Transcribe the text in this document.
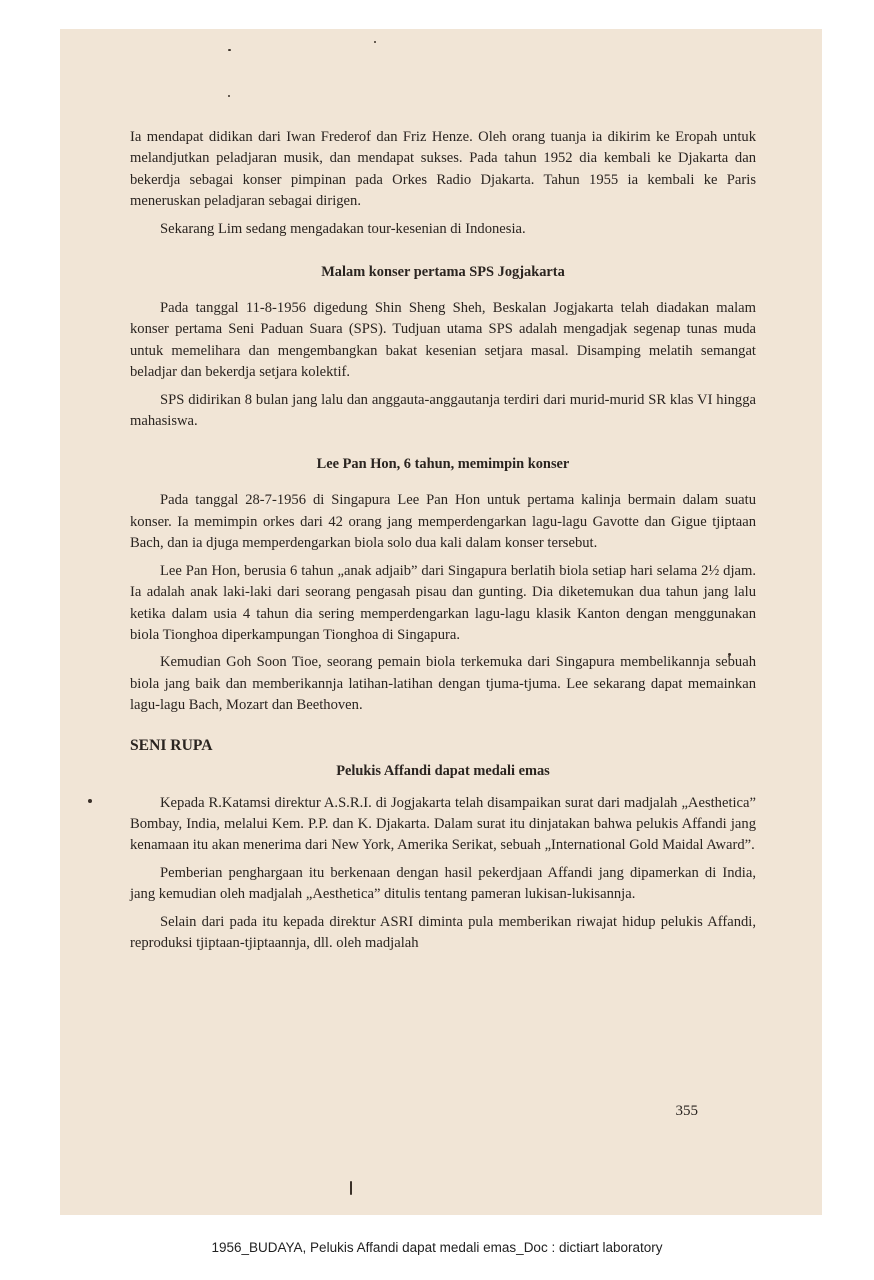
Ia mendapat didikan dari Iwan Frederof dan Friz Henze. Oleh orang tuanja ia dikirim ke Eropah untuk melandjutkan peladjaran musik, dan mendapat sukses. Pada tahun 1952 dia kembali ke Djakarta dan bekerdja sebagai konser pimpinan pada Orkes Radio Djakarta. Tahun 1955 ia kembali ke Paris meneruskan peladjaran sebagai dirigen.

Sekarang Lim sedang mengadakan tour-kesenian di Indonesia.

Malam konser pertama SPS Jogjakarta

Pada tanggal 11-8-1956 digedung Shin Sheng Sheh, Beskalan Jogjakarta telah diadakan malam konser pertama Seni Paduan Suara (SPS). Tudjuan utama SPS adalah mengadjak segenap tunas muda untuk memelihara dan mengembangkan bakat kesenian setjara masal. Disamping melatih semangat beladjar dan bekerdja setjara kolektif.

SPS didirikan 8 bulan jang lalu dan anggauta-anggautanja terdiri dari murid-murid SR klas VI hingga mahasiswa.

Lee Pan Hon, 6 tahun, memimpin konser

Pada tanggal 28-7-1956 di Singapura Lee Pan Hon untuk pertama kalinja bermain dalam suatu konser. Ia memimpin orkes dari 42 orang jang memperdengarkan lagu-lagu Gavotte dan Gigue tjiptaan Bach, dan ia djuga memperdengarkan biola solo dua kali dalam konser tersebut.

Lee Pan Hon, berusia 6 tahun „anak adjaib” dari Singapura berlatih biola setiap hari selama 2½ djam. Ia adalah anak laki-laki dari seorang pengasah pisau dan gunting. Dia diketemukan dua tahun jang lalu ketika dalam usia 4 tahun dia sering memperdengarkan lagu-lagu klasik Kanton dengan menggunakan biola Tionghoa diperkampungan Tionghoa di Singapura.

Kemudian Goh Soon Tioe, seorang pemain biola terkemuka dari Singapura membelikannja sebuah biola jang baik dan memberikannja latihan-latihan dengan tjuma-tjuma. Lee sekarang dapat memainkan lagu-lagu Bach, Mozart dan Beethoven.

SENI RUPA
Pelukis Affandi dapat medali emas

Kepada R.Katamsi direktur A.S.R.I. di Jogjakarta telah disampaikan surat dari madjalah „Aesthetica” Bombay, India, melalui Kem. P.P. dan K. Djakarta. Dalam surat itu dinjatakan bahwa pelukis Affandi jang kenamaan itu akan menerima dari New York, Amerika Serikat, sebuah „International Gold Maidal Award”.

Pemberian penghargaan itu berkenaan dengan hasil pekerdjaan Affandi jang dipamerkan di India, jang kemudian oleh madjalah „Aesthetica” ditulis tentang pameran lukisan-lukisannja.

Selain dari pada itu kepada direktur ASRI diminta pula memberikan riwajat hidup pelukis Affandi, reproduksi tjiptaan-tjiptaannja, dll. oleh madjalah

355
1956_BUDAYA, Pelukis Affandi dapat medali emas_Doc : dictiart laboratory
